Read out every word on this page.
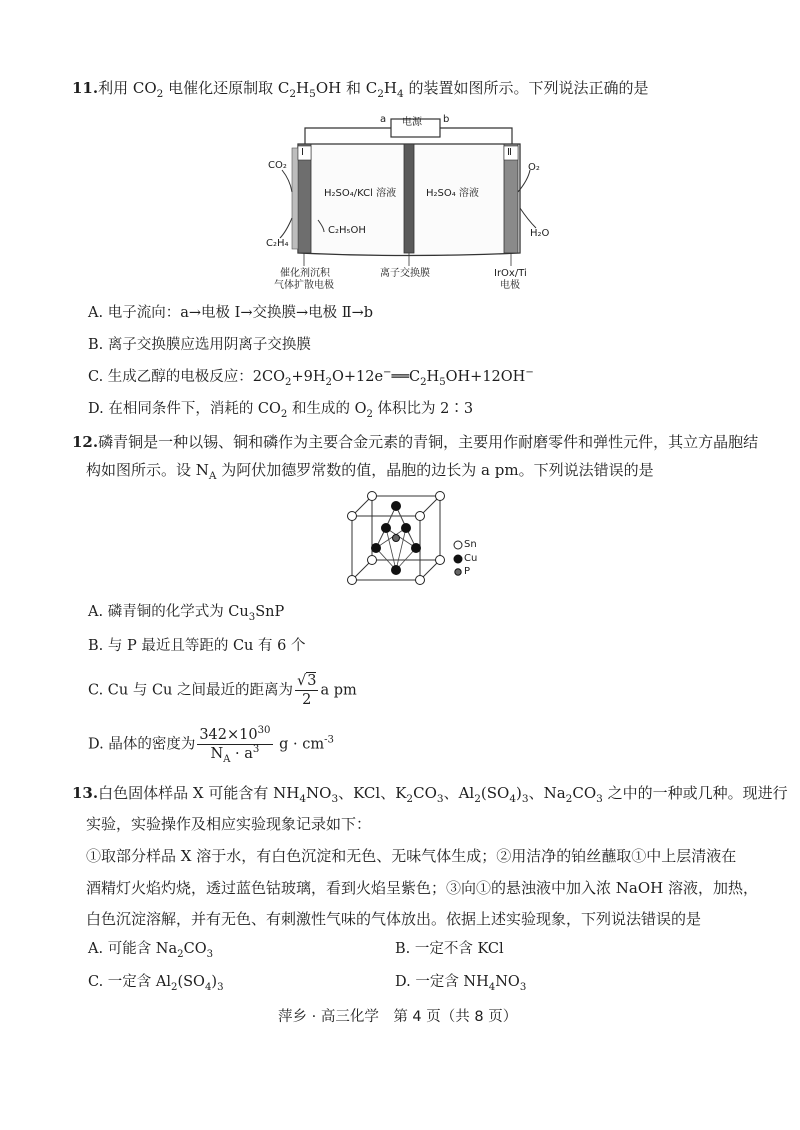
11.利用 $CO_2$ 电催化还原制取 $C_2H_5OH$ 和 $C_2H_4$ 的装置如图所示。下列说法正确的是
电源
a	b
Ⅰ	Ⅱ
CO₂
H₂SO₄/KCl 溶液	H₂SO₄ 溶液
C₂H₅OH
C₂H₄
O₂
H₂O
催化剂沉积
气体扩散电极
离子交换膜	IrOx/Ti
电极
A. 电子流向：a→电极 Ⅰ→交换膜→电极 Ⅱ→b
B. 离子交换膜应选用阴离子交换膜
C. 生成乙醇的电极反应：$2CO_2+9H_2O+12e^-══C_2H_5OH+12OH^-$
D. 在相同条件下，消耗的 $CO_2$ 和生成的 $O_2$ 体积比为 2∶3
12.磷青铜是一种以锡、铜和磷作为主要合金元素的青铜，主要用作耐磨零件和弹性元件，其立方晶胞结
构如图所示。设 $N_A$ 为阿伏加德罗常数的值，晶胞的边长为 a pm。下列说法错误的是
Sn
Cu
P
A. 磷青铜的化学式为 $Cu_3SnP$
B. 与 P 最近且等距的 Cu 有 6 个
C. Cu 与 Cu 之间最近的距离为 $\frac{√3}{2}$ a pm
D. 晶体的密度为 $\frac{342\times 10^{30}}{N_A \cdot a^3}$ $g \cdot cm^{-3}$
13.白色固体样品 X 可能含有 $NH_4NO_3$、KCl、$K_2CO_3$、$Al_2(SO_4)_3$、$Na_2CO_3$ 之中的一种或几种。现进行
实验，实验操作及相应实验现象记录如下：
①取部分样品 X 溶于水，有白色沉淀和无色、无味气体生成；②用洁净的铂丝蘸取①中上层清液在
酒精灯火焰灼烧，透过蓝色钴玻璃，看到火焰呈紫色；③向①的悬浊液中加入浓 NaOH 溶液，加热，
白色沉淀溶解，并有无色、有刺激性气味的气体放出。依据上述实验现象，下列说法错误的是
A. 可能含 $Na_2CO_3$	B. 一定不含 KCl
C. 一定含 $Al_2(SO_4)_3$	D. 一定含 $NH_4NO_3$
萍乡 · 高三化学　第 4 页（共 8 页）
